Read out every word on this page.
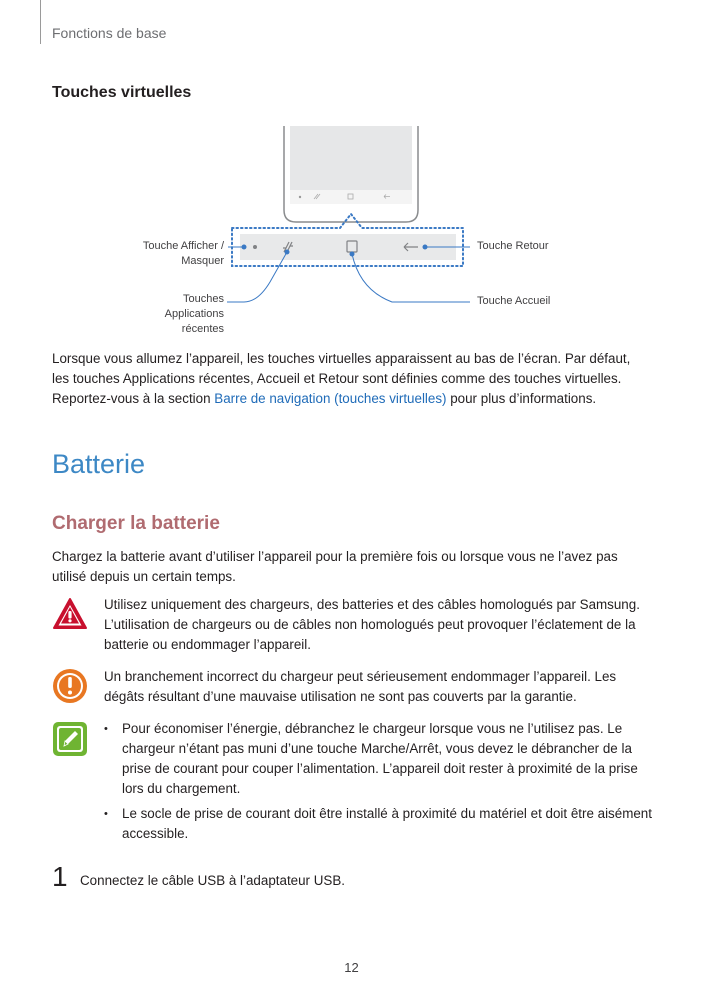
Fonctions de base
Touches virtuelles
Touche Afficher / Masquer
Touches
Applications
récentes
Touche Retour
Touche Accueil
Lorsque vous allumez l’appareil, les touches virtuelles apparaissent au bas de l’écran. Par défaut,
les touches Applications récentes, Accueil et Retour sont définies comme des touches virtuelles.
Reportez-vous à la section Barre de navigation (touches virtuelles) pour plus d’informations.
Batterie
Charger la batterie
Chargez la batterie avant d’utiliser l’appareil pour la première fois ou lorsque vous ne l’avez pas
utilisé depuis un certain temps.
Utilisez uniquement des chargeurs, des batteries et des câbles homologués par Samsung.
L’utilisation de chargeurs ou de câbles non homologués peut provoquer l’éclatement de la
batterie ou endommager l’appareil.
Un branchement incorrect du chargeur peut sérieusement endommager l’appareil. Les
dégâts résultant d’une mauvaise utilisation ne sont pas couverts par la garantie.
•	Pour économiser l’énergie, débranchez le chargeur lorsque vous ne l’utilisez pas. Le
chargeur n’étant pas muni d’une touche Marche/Arrêt, vous devez le débrancher de la
prise de courant pour couper l’alimentation. L’appareil doit rester à proximité de la prise
lors du chargement.
•	Le socle de prise de courant doit être installé à proximité du matériel et doit être aisément
accessible.
1 Connectez le câble USB à l’adaptateur USB.
12
